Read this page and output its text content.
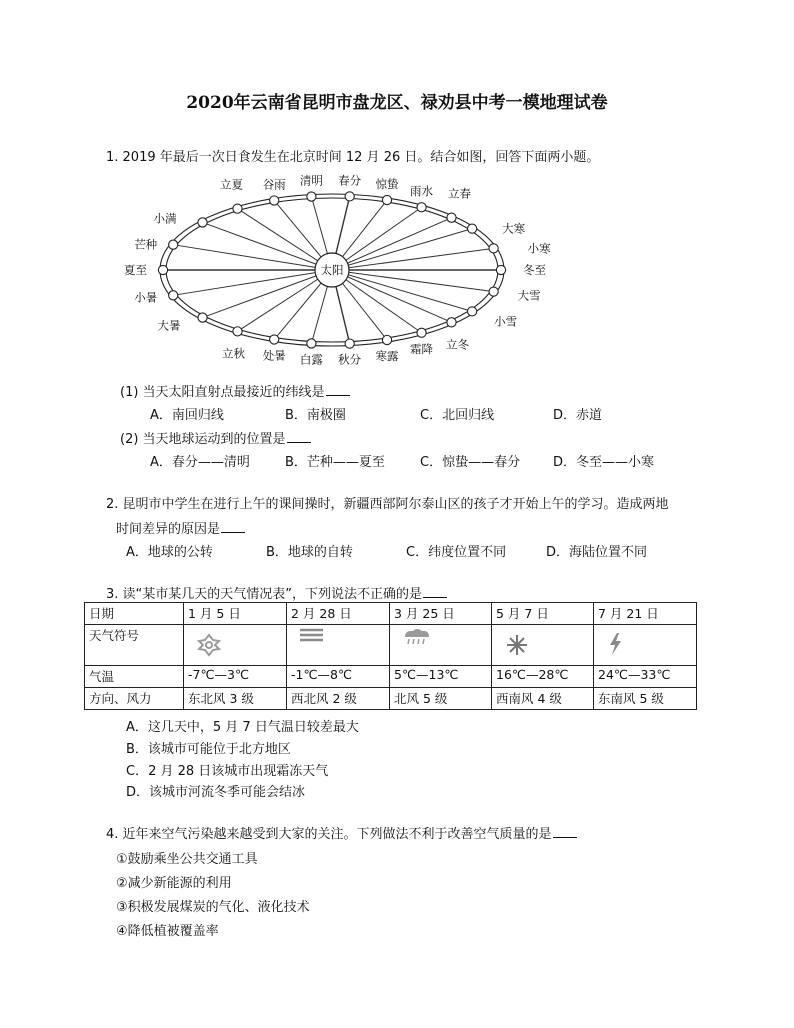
2020年云南省昆明市盘龙区、禄劝县中考一模地理试卷
1. 2019 年最后一次日食发生在北京时间 12 月 26 日。结合如图，回答下面两小题。
太阳
立夏 谷雨 清明 春分 惊蛰
雨水 立春
立秋 处暑 白露 秋分 寒露
霜降 立冬
小满
芒种
夏至
小暑
大暑
大寒
小寒
冬至
大雪
小雪
(1) 当天太阳直射点最接近的纬线是
A．南回归线	B．南极圈	C．北回归线	D．赤道
(2) 当天地球运动到的位置是
A．春分——清明	B．芒种——夏至	C．惊蛰——春分	D．冬至——小寒
2. 昆明市中学生在进行上午的课间操时，新疆西部阿尔泰山区的孩子才开始上午的学习。造成两地
时间差异的原因是
A．地球的公转	B．地球的自转	C．纬度位置不同	D．海陆位置不同
3. 读“某市某几天的天气情况表”，下列说法不正确的是
日期	1 月 5 日	2 月 28 日	3 月 25 日	5 月 7 日	7 月 21 日
天气符号	

气温	-7℃—3℃	-1℃—8℃	5℃—13℃	16℃—28℃	24℃—33℃
方向、风力	东北风 3 级	西北风 2 级	北风 5 级	西南风 4 级	东南风 5 级
A．这几天中，5 月 7 日气温日较差最大
B．该城市可能位于北方地区
C．2 月 28 日该城市出现霜冻天气
D．该城市河流冬季可能会结冰
4. 近年来空气污染越来越受到大家的关注。下列做法不利于改善空气质量的是
①鼓励乘坐公共交通工具
②减少新能源的利用
③积极发展煤炭的气化、液化技术
④降低植被覆盖率
